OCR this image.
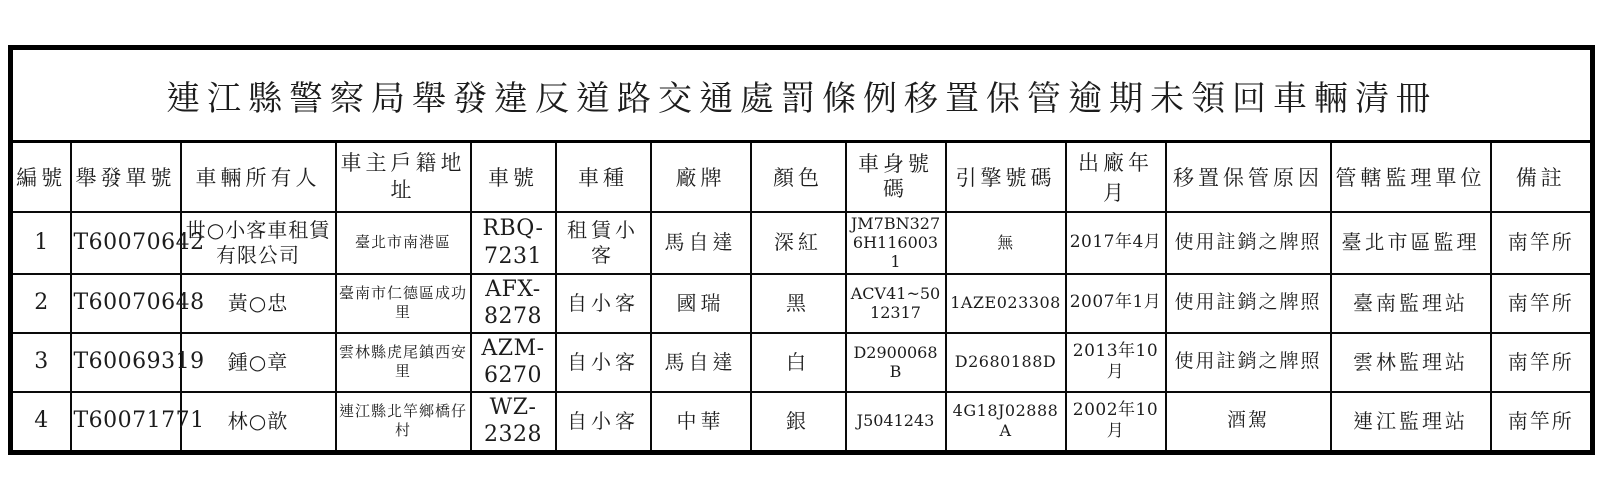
連江縣警察局舉發違反道路交通處罰條例移置保管逾期未領回車輛清冊													
編號	舉發單號	車輛所有人	車主戶籍地址	車號	車種	廠牌	顏色	車身號碼	引擎號碼	出廠年月	移置保管原因	管轄監理單位	備註
1	T60070642	世○小客車租賃有限公司	臺北市南港區	RBQ-7231	租賃小客	馬自達	深紅	JM7BN3276H1160031	無	2017年4月	使用註銷之牌照	臺北市區監理	南竿所
2	T60070648	黃○忠	臺南市仁德區成功里	AFX-8278	自小客	國瑞	黑	ACV41~5012317	1AZE023308	2007年1月	使用註銷之牌照	臺南監理站	南竿所
3	T60069319	鍾○章	雲林縣虎尾鎮西安里	AZM-6270	自小客	馬自達	白	D2900068B	D2680188D	2013年10月	使用註銷之牌照	雲林監理站	南竿所
4	T60071771	林○歆	連江縣北竿鄉橋仔村	WZ-2328	自小客	中華	銀	J5041243	4G18J02888A	2002年10月	酒駕	連江監理站	南竿所
